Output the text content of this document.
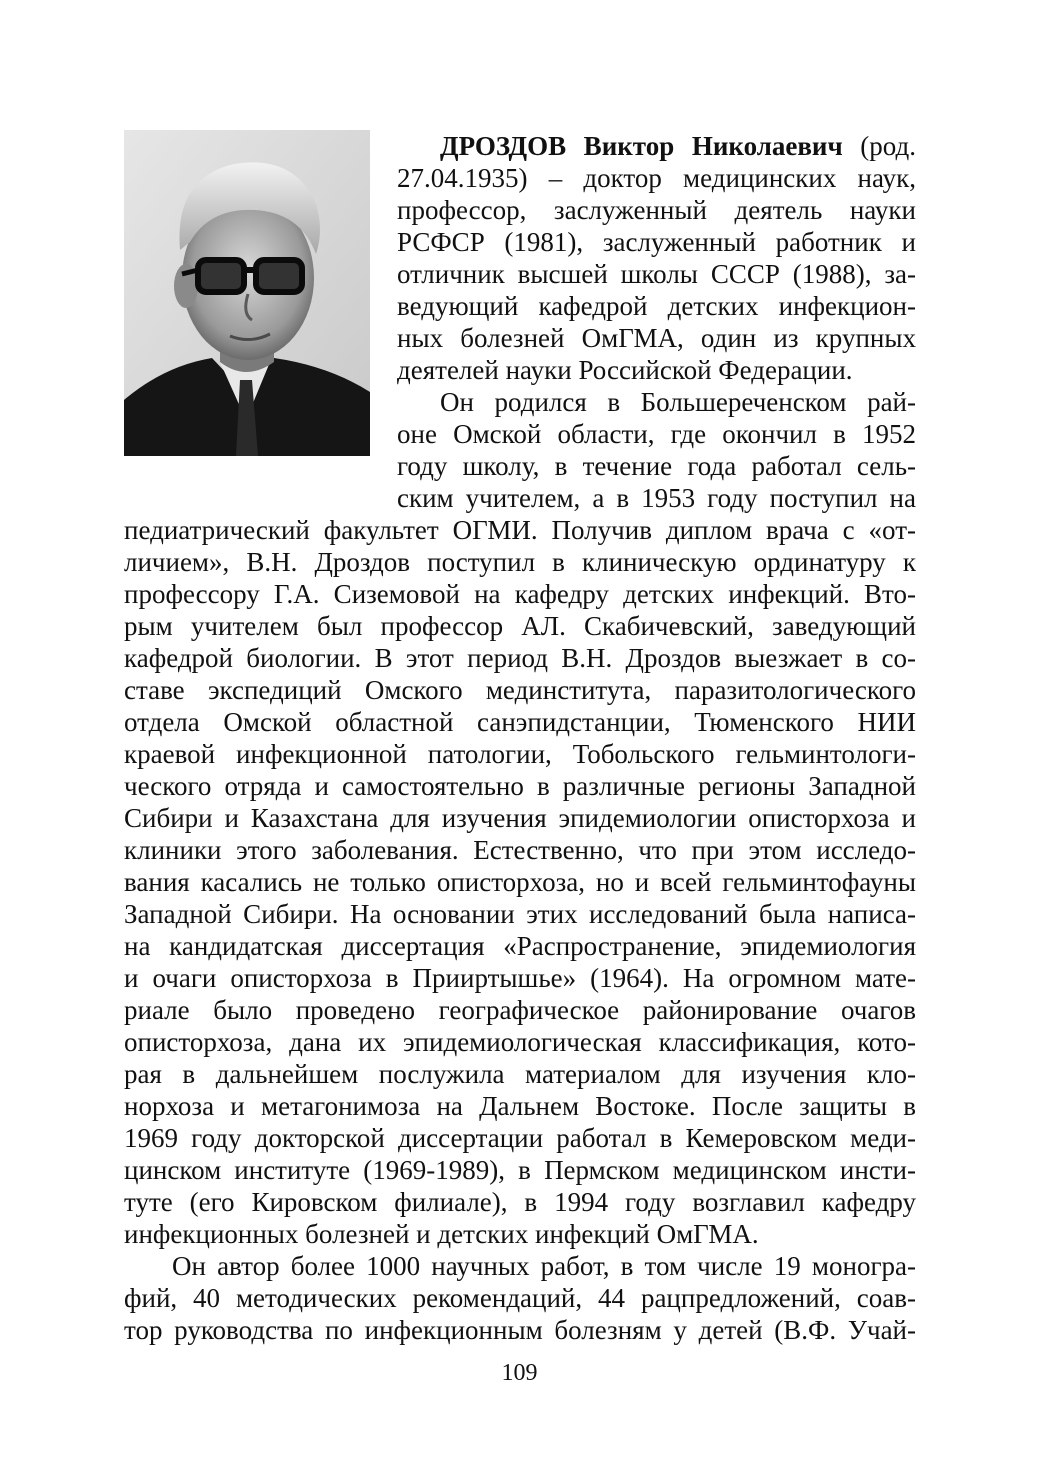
ДРОЗДОВ Виктор Николаевич (род.
27.04.1935) – доктор медицинских наук,
профессор, заслуженный деятель науки
РСФСР (1981), заслуженный работник и
отличник высшей школы СССР (1988), за-
ведующий кафедрой детских инфекцион-
ных болезней ОмГМА, один из крупных
деятелей науки Российской Федерации.
Он родился в Большереченском рай-
оне Омской области, где окончил в 1952
году школу, в течение года работал сель-
ским учителем, а в 1953 году поступил на
педиатрический факультет ОГМИ. Получив диплом врача с «от-
личием», В.Н. Дроздов поступил в клиническую ординатуру к
профессору Г.А. Сиземовой на кафедру детских инфекций. Вто-
рым учителем был профессор АЛ. Скабичевский, заведующий
кафедрой биологии. В этот период В.Н. Дроздов выезжает в со-
ставе экспедиций Омского мединститута, паразитологического
отдела Омской областной санэпидстанции, Тюменского НИИ
краевой инфекционной патологии, Тобольского гельминтологи-
ческого отряда и самостоятельно в различные регионы Западной
Сибири и Казахстана для изучения эпидемиологии описторхоза и
клиники этого заболевания. Естественно, что при этом исследо-
вания касались не только описторхоза, но и всей гельминтофауны
Западной Сибири. На основании этих исследований была написа-
на кандидатская диссертация «Распространение, эпидемиология
и очаги описторхоза в Прииртышье» (1964). На огромном мате-
риале было проведено географическое районирование очагов
описторхоза, дана их эпидемиологическая классификация, кото-
рая в дальнейшем послужила материалом для изучения кло-
норхоза и метагонимоза на Дальнем Востоке. После защиты в
1969 году докторской диссертации работал в Кемеровском меди-
цинском институте (1969-1989), в Пермском медицинском инсти-
туте (его Кировском филиале), в 1994 году возглавил кафедру
инфекционных болезней и детских инфекций ОмГМА.
Он автор более 1000 научных работ, в том числе 19 моногра-
фий, 40 методических рекомендаций, 44 рацпредложений, соав-
тор руководства по инфекционным болезням у детей (В.Ф. Учай-
109
